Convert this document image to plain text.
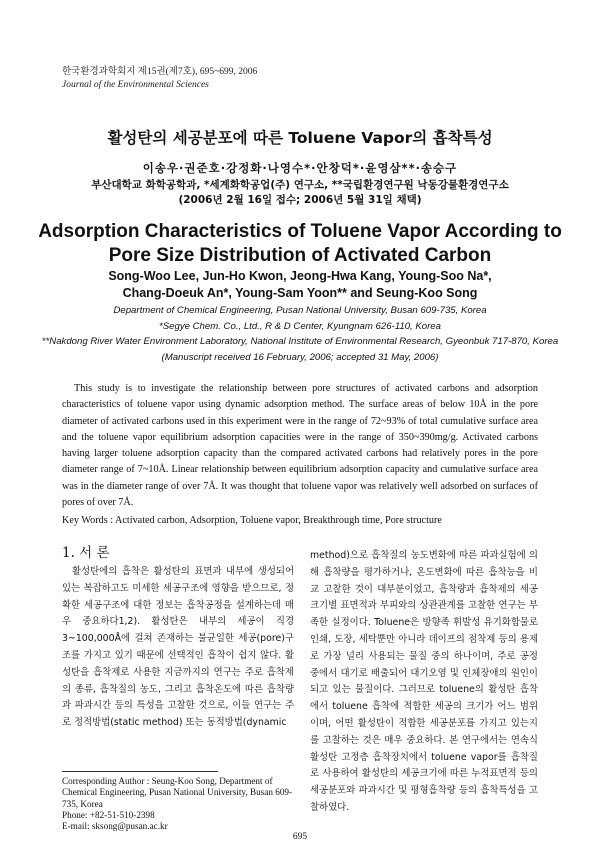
한국환경과학회지 제15권(제7호), 695~699, 2006
Journal of the Environmental Sciences
활성탄의 세공분포에 따른 Toluene Vapor의 흡착특성
이송우·권준호·강정화·나영수*·안창덕*·윤영삼**·송승구
부산대학교 화학공학과, *세계화학공업(주) 연구소, **국립환경연구원 낙동강물환경연구소
(2006년 2월 16일 접수; 2006년 5월 31일 채택)
Adsorption Characteristics of Toluene Vapor According to
Pore Size Distribution of Activated Carbon
Song-Woo Lee, Jun-Ho Kwon, Jeong-Hwa Kang, Young-Soo Na*,
Chang-Doeuk An*, Young-Sam Yoon** and Seung-Koo Song
Department of Chemical Engineering, Pusan National University, Busan 609-735, Korea
*Segye Chem. Co., Ltd., R & D Center, Kyungnam 626-110, Korea
**Nakdong River Water Environment Laboratory, National Institute of Environmental Research, Gyeonbuk 717-870, Korea
(Manuscript received 16 February, 2006; accepted 31 May, 2006)
This study is to investigate the relationship between pore structures of activated carbons and adsorption characteristics of toluene vapor using dynamic adsorption method. The surface areas of below 10Å in the pore diameter of activated carbons used in this experiment were in the range of 72~93% of total cumulative surface area and the toluene vapor equilibrium adsorption capacities were in the range of 350~390mg/g. Activated carbons having larger toluene adsorption capacity than the compared activated carbons had relatively pores in the pore diameter range of 7~10Å. Linear relationship between equilibrium adsorption capacity and cumulative surface area was in the diameter range of over 7Å. It was thought that toluene vapor was relatively well adsorbed on surfaces of pores of over 7Å.
Key Words : Activated carbon, Adsorption, Toluene vapor, Breakthrough time, Pore structure
1. 서 론
활성탄에의 흡착은 활성탄의 표면과 내부에 생성되어 있는 복잡하고도 미세한 세공구조에 영향을 받으므로, 정확한 세공구조에 대한 정보는 흡착공정을 설계하는데 매우 중요하다1,2). 활성탄은 내부의 세공이 직경 3~100,000Å에 걸쳐 존재하는 불균일한 세공(pore)구조를 가지고 있기 때문에 선택적인 흡착이 쉽지 않다. 활성탄을 흡착제로 사용한 지금까지의 연구는 주로 흡착제의 종류, 흡착질의 농도, 그리고 흡착온도에 따른 흡착량과 파과시간 등의 특성을 고찰한 것으로, 이들 연구는 주로 정적방법(static method) 또는 동적방법(dynamic
method)으로 흡착질의 농도변화에 따른 파과실험에 의해 흡착량을 평가하거나, 온도변화에 따른 흡착능을 비교 고찰한 것이 대부분이었고, 흡착량과 흡착제의 세공크기별 표면적과 부피와의 상관관계를 고찰한 연구는 부족한 실정이다. Toluene은 방향족 휘발성 유기화합물로 인쇄, 도장, 세탁뿐만 아니라 데이프의 점착제 등의 용제로 가장 널리 사용되는 물질 중의 하나이며, 주로 공정 중에서 대기로 배출되어 대기오염 및 인체장애의 원인이 되고 있는 물질이다. 그러므로 toluene의 활성탄 흡착에서 toluene 흡착에 적합한 세공의 크기가 어느 범위이며, 어떤 활성탄이 적합한 세공분포를 가지고 있는지를 고찰하는 것은 매우 중요하다. 본 연구에서는 연속식 활성탄 고정층 흡착장치에서 toluene vapor를 흡착질로 사용하여 활성탄의 세공크기에 따른 누적표면적 등의 세공분포와 파과시간 및 평형흡착량 등의 흡착특성을 고찰하였다.
Corresponding Author : Seung-Koo Song, Department of Chemical Engineering, Pusan National University, Busan 609-735, Korea
Phone: +82-51-510-2398
E-mail: sksong@pusan.ac.kr
695
